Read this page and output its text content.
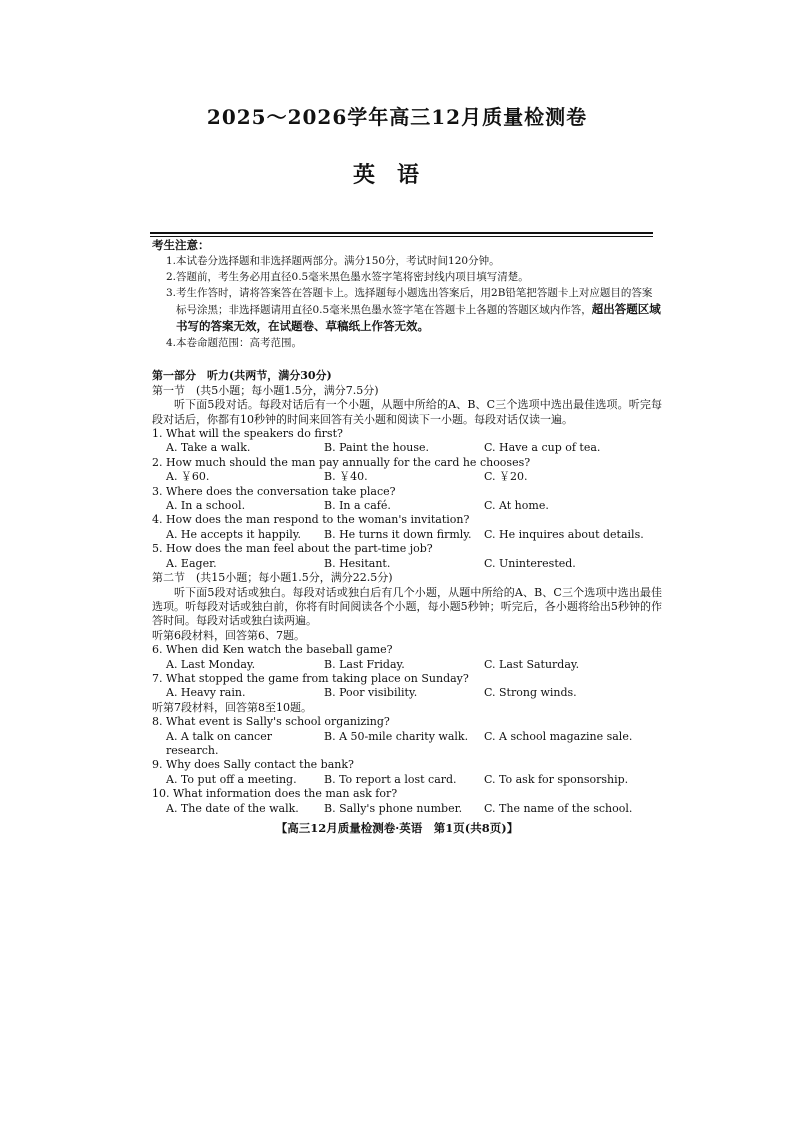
2025～2026学年高三12月质量检测卷
英语
考生注意：

1.本试卷分选择题和非选择题两部分。满分150分，考试时间120分钟。

2.答题前，考生务必用直径0.5毫米黑色墨水签字笔将密封线内项目填写清楚。

3.考生作答时，请将答案答在答题卡上。选择题每小题选出答案后，用2B铅笔把答题卡上对应题目的答案标号涂黑；非选择题请用直径0.5毫米黑色墨水签字笔在答题卡上各题的答题区域内作答，超出答题区域书写的答案无效，在试题卷、草稿纸上作答无效。

4.本卷命题范围：高考范围。

第一部分　听力(共两节，满分30分)

第一节　(共5小题；每小题1.5分，满分7.5分)

听下面5段对话。每段对话后有一个小题，从题中所给的A、B、C三个选项中选出最佳选项。听完每段对话后，你都有10秒钟的时间来回答有关小题和阅读下一小题。每段对话仅读一遍。

1. What will the speakers do first?

A. Take a walk.	B. Paint the house.	C. Have a cup of tea.

2. How much should the man pay annually for the card he chooses?

A. ￥60.	B. ￥40.	C. ￥20.

3. Where does the conversation take place?

A. In a school.	B. In a café.	C. At home.

4. How does the man respond to the woman's invitation?

A. He accepts it happily.	B. He turns it down firmly.	C. He inquires about details.

5. How does the man feel about the part-time job?

A. Eager.	B. Hesitant.	C. Uninterested.

第二节　(共15小题；每小题1.5分，满分22.5分)

听下面5段对话或独白。每段对话或独白后有几个小题，从题中所给的A、B、C三个选项中选出最佳选项。听每段对话或独白前，你将有时间阅读各个小题，每小题5秒钟；听完后，各小题将给出5秒钟的作答时间。每段对话或独白读两遍。

听第6段材料，回答第6、7题。

6. When did Ken watch the baseball game?

A. Last Monday.	B. Last Friday.	C. Last Saturday.

7. What stopped the game from taking place on Sunday?

A. Heavy rain.	B. Poor visibility.	C. Strong winds.

听第7段材料，回答第8至10题。

8. What event is Sally's school organizing?

A. A talk on cancer research.
B. A 50-mile charity walk.	C. A school magazine sale.

9. Why does Sally contact the bank?

A. To put off a meeting.	B. To report a lost card.	C. To ask for sponsorship.

10. What information does the man ask for?

A. The date of the walk.	B. Sally's phone number.	C. The name of the school.
【高三12月质量检测卷·英语　第1页(共8页)】
